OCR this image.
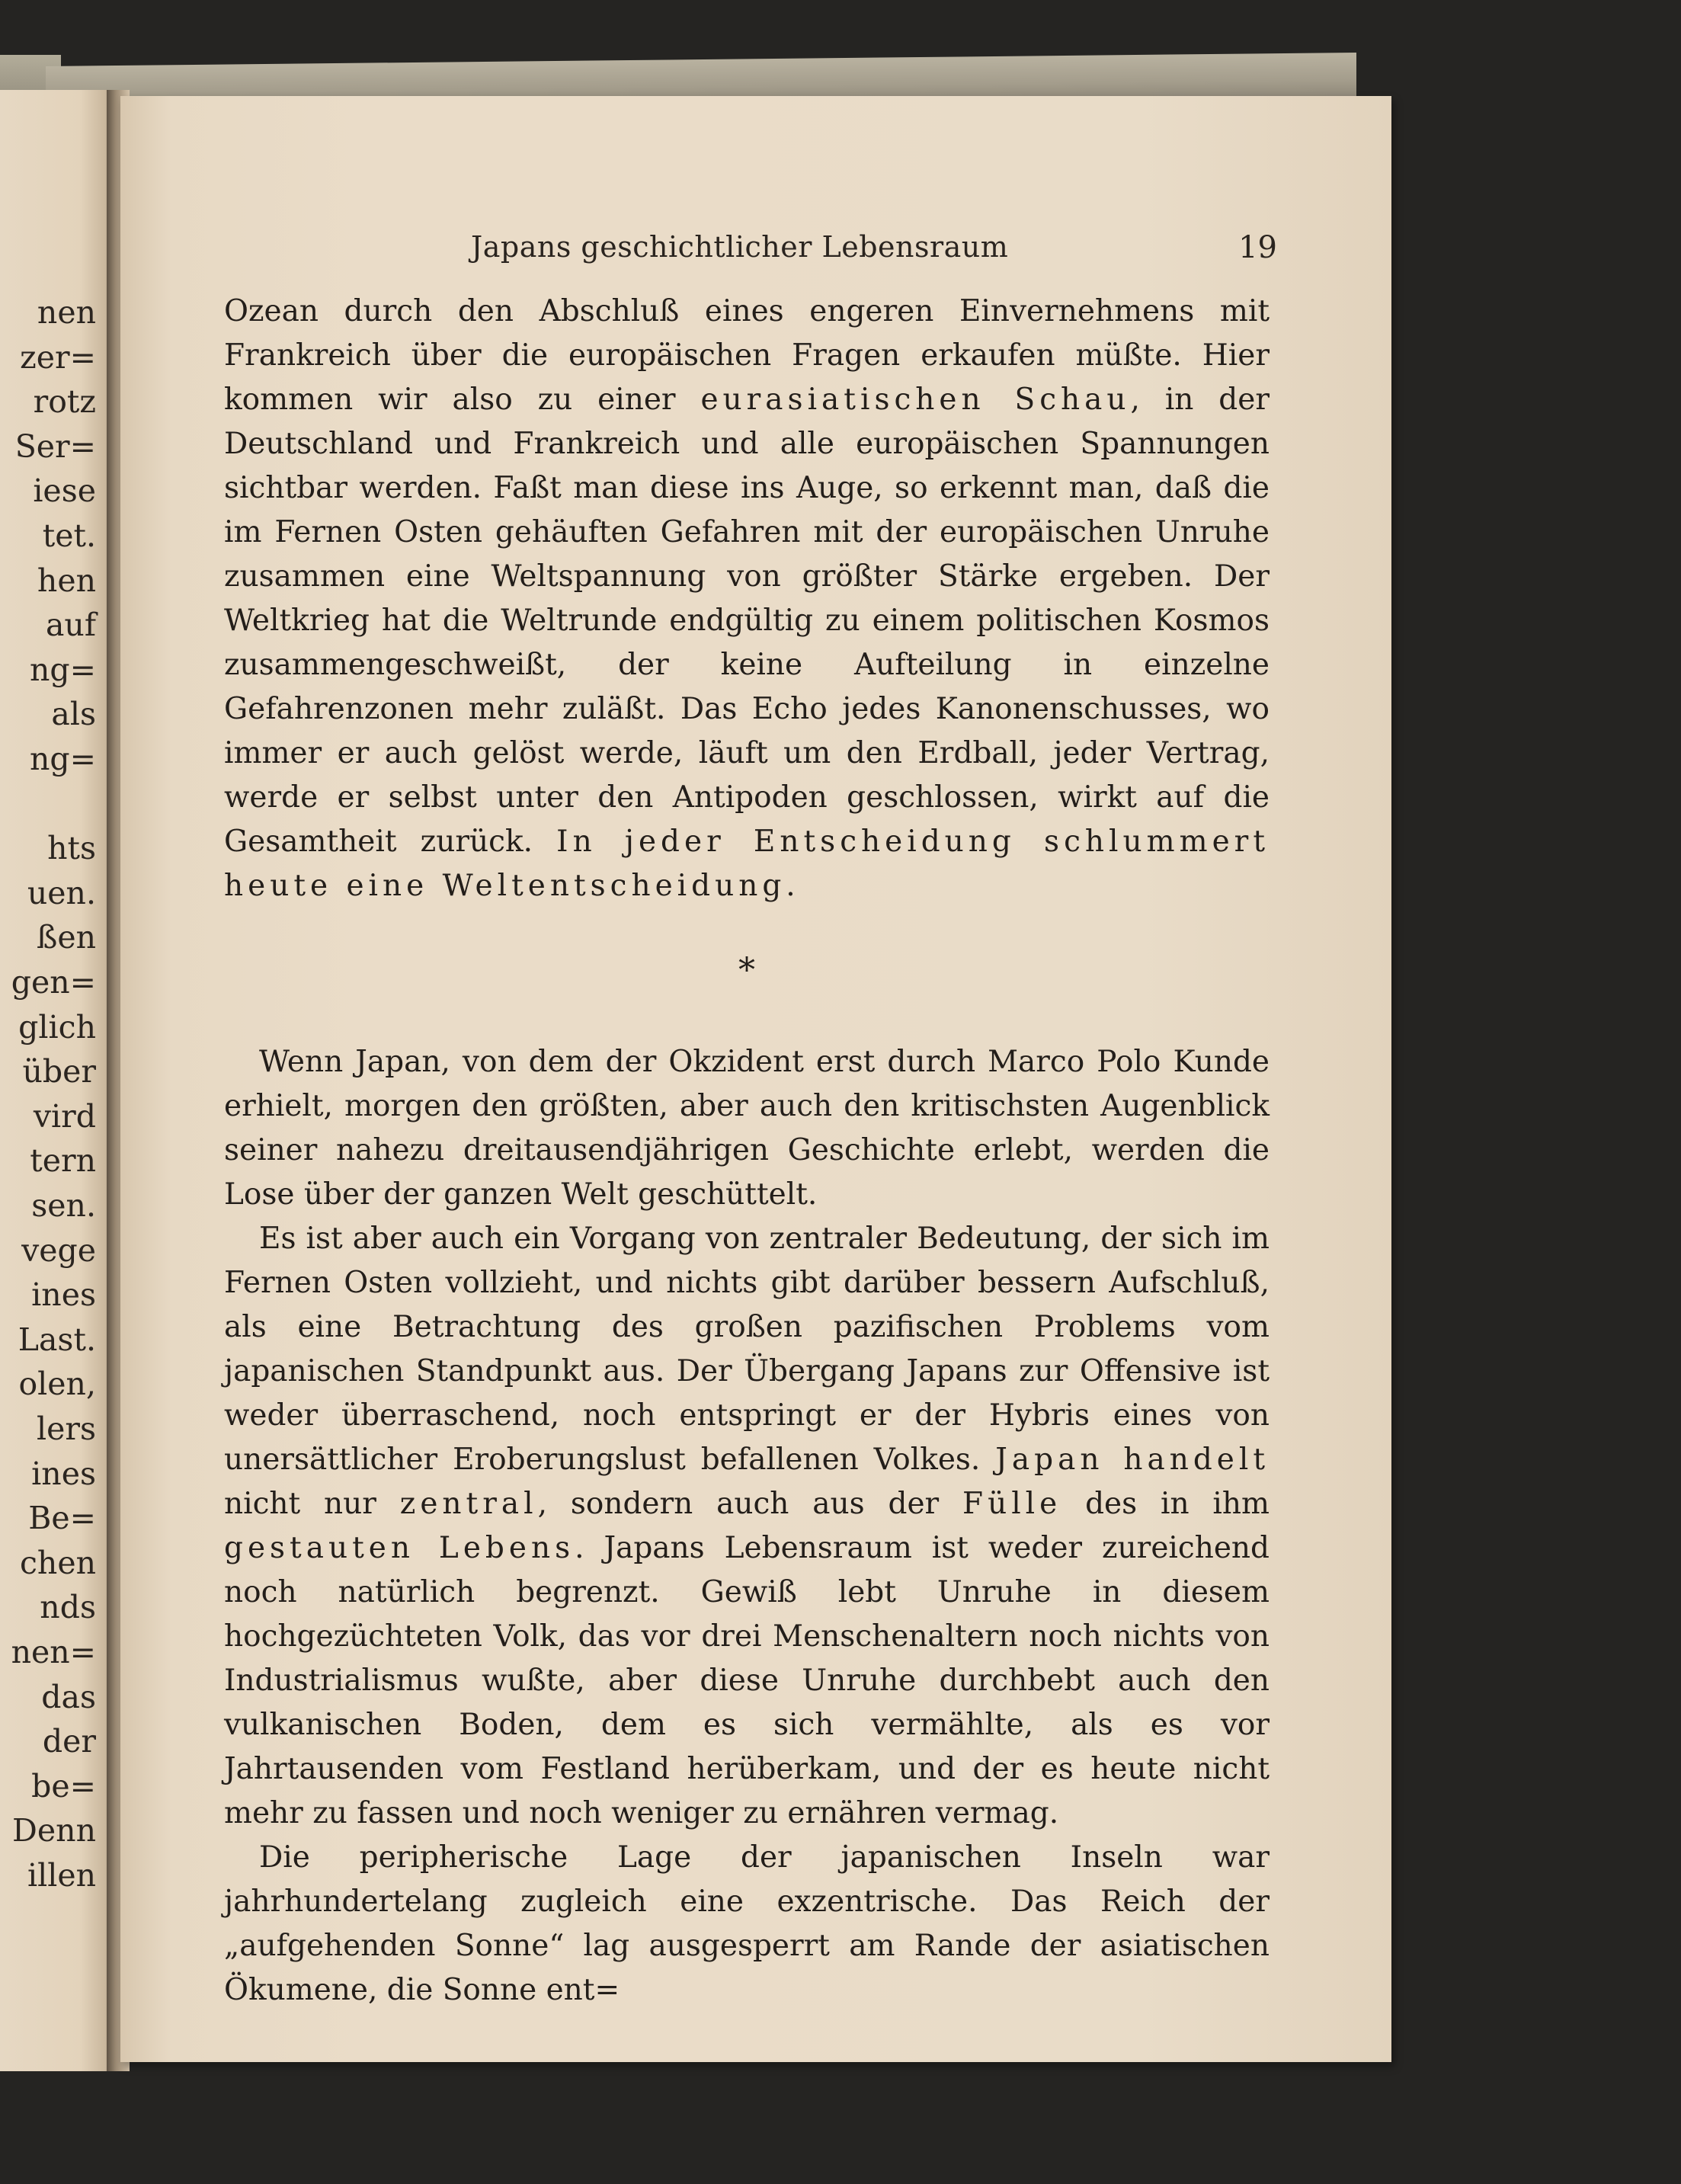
nen
zer=
rotz
Ser=
iese
tet.
hen
auf
ng=
als
ng=
hts
uen.
ßen
gen=
glich
über
vird
tern
sen.
vege
ines
Last.
olen,
lers
ines
Be=
chen
nds
nen=
das
der
be=
Denn
illen
Japans geschichtlicher Lebensraum	19

Ozean durch den Abschluß eines engeren Einvernehmens mit Frankreich über die europäischen Fragen erkaufen müßte. Hier kommen wir also zu einer eurasiatischen Schau, in der Deutschland und Frankreich und alle europäischen Spannungen sichtbar werden. Faßt man diese ins Auge, so erkennt man, daß die im Fernen Osten gehäuften Gefahren mit der europäischen Unruhe zusammen eine Weltspannung von größter Stärke ergeben. Der Weltkrieg hat die Weltrunde endgültig zu einem politischen Kosmos zusammengeschweißt, der keine Aufteilung in einzelne Gefahrenzonen mehr zuläßt. Das Echo jedes Kanonenschusses, wo immer er auch gelöst werde, läuft um den Erdball, jeder Vertrag, werde er selbst unter den Antipoden geschlossen, wirkt auf die Gesamtheit zurück. In jeder Entscheidung schlummert heute eine Weltentscheidung.

*

Wenn Japan, von dem der Okzident erst durch Marco Polo Kunde erhielt, morgen den größten, aber auch den kritischsten Augenblick seiner nahezu dreitausendjährigen Geschichte erlebt, werden die Lose über der ganzen Welt geschüttelt.

Es ist aber auch ein Vorgang von zentraler Bedeutung, der sich im Fernen Osten vollzieht, und nichts gibt darüber bessern Aufschluß, als eine Betrachtung des großen pazifischen Problems vom japanischen Standpunkt aus. Der Übergang Japans zur Offensive ist weder überraschend, noch entspringt er der Hybris eines von unersättlicher Eroberungslust befallenen Volkes. Japan handelt nicht nur zentral, sondern auch aus der Fülle des in ihm gestauten Lebens. Japans Lebensraum ist weder zureichend noch natürlich begrenzt. Gewiß lebt Unruhe in diesem hochgezüchteten Volk, das vor drei Menschenaltern noch nichts von Industrialismus wußte, aber diese Unruhe durchbebt auch den vulkanischen Boden, dem es sich vermählte, als es vor Jahrtausenden vom Festland herüberkam, und der es heute nicht mehr zu fassen und noch weniger zu ernähren vermag.

Die peripherische Lage der japanischen Inseln war jahrhundertelang zugleich eine exzentrische. Das Reich der „aufgehenden Sonne“ lag ausgesperrt am Rande der asiatischen Ökumene, die Sonne ent=
